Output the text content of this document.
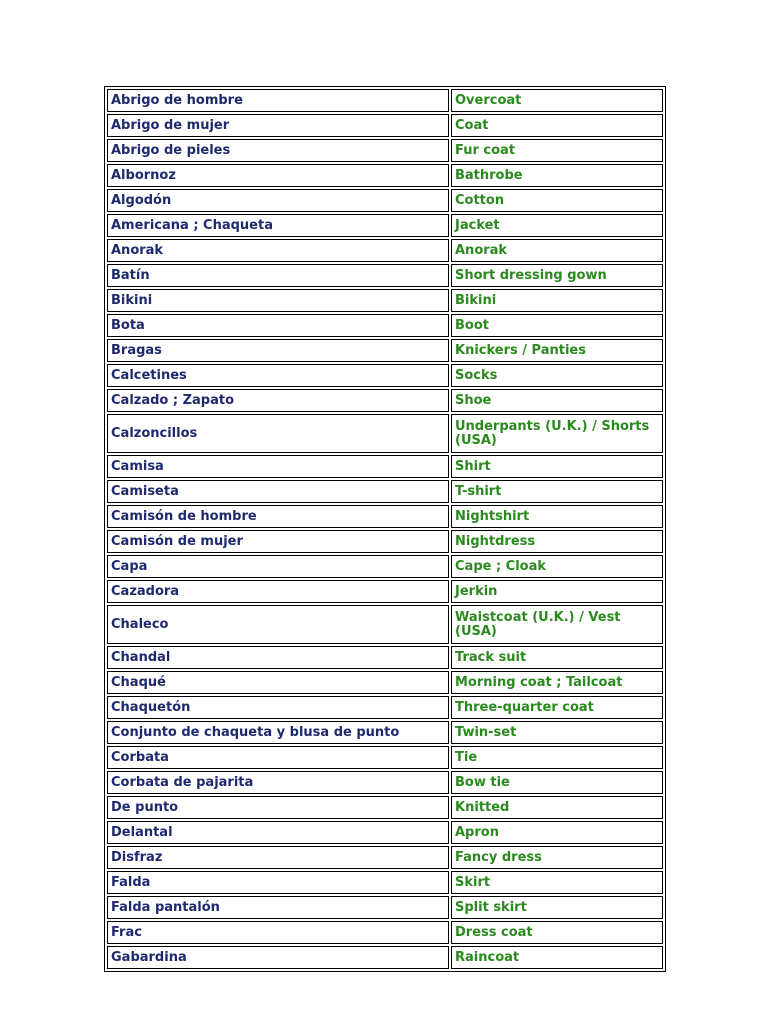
Abrigo de hombre	Overcoat
Abrigo de mujer	Coat
Abrigo de pieles	Fur coat
Albornoz	Bathrobe
Algodón	Cotton
Americana ; Chaqueta	Jacket
Anorak	Anorak
Batín	Short dressing gown
Bikini	Bikini
Bota	Boot
Bragas	Knickers / Panties
Calcetines	Socks
Calzado ; Zapato	Shoe
Calzoncillos	Underpants (U.K.) / Shorts (USA)
Camisa	Shirt
Camiseta	T-shirt
Camisón de hombre	Nightshirt
Camisón de mujer	Nightdress
Capa	Cape ; Cloak
Cazadora	Jerkin
Chaleco	Waistcoat (U.K.) / Vest (USA)
Chandal	Track suit
Chaqué	Morning coat ; Tailcoat
Chaquetón	Three-quarter coat
Conjunto de chaqueta y blusa de punto	Twin-set
Corbata	Tie
Corbata de pajarita	Bow tie
De punto	Knitted
Delantal	Apron
Disfraz	Fancy dress
Falda	Skirt
Falda pantalón	Split skirt
Frac	Dress coat
Gabardina	Raincoat
